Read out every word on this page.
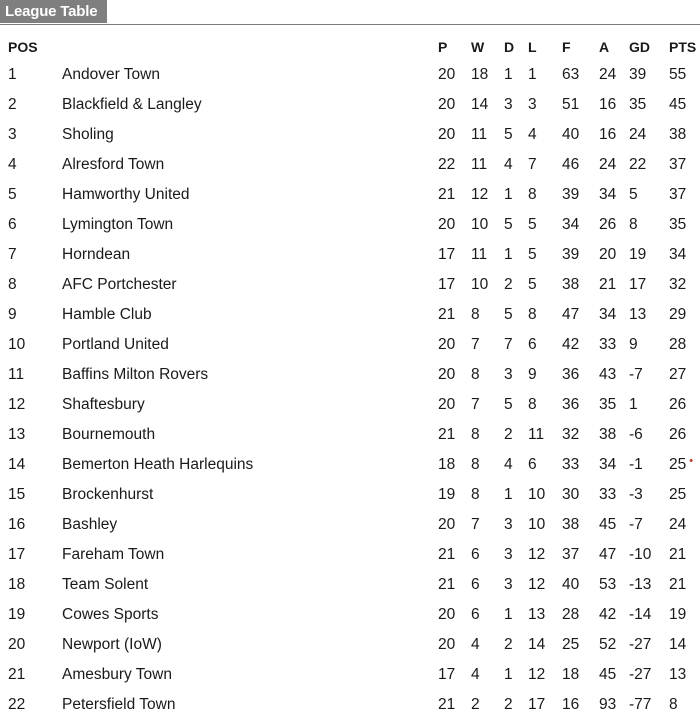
League Table
POS		P	W	D	L	F	A	GD	PTS
1	Andover Town	20	18	1	1	63	24	39	55
2	Blackfield & Langley	20	14	3	3	51	16	35	45
3	Sholing	20	11	5	4	40	16	24	38
4	Alresford Town	22	11	4	7	46	24	22	37
5	Hamworthy United	21	12	1	8	39	34	5	37
6	Lymington Town	20	10	5	5	34	26	8	35
7	Horndean	17	11	1	5	39	20	19	34
8	AFC Portchester	17	10	2	5	38	21	17	32
9	Hamble Club	21	8	5	8	47	34	13	29
10	Portland United	20	7	7	6	42	33	9	28
11	Baffins Milton Rovers	20	8	3	9	36	43	-7	27
12	Shaftesbury	20	7	5	8	36	35	1	26
13	Bournemouth	21	8	2	11	32	38	-6	26
14	Bemerton Heath Harlequins	18	8	4	6	33	34	-1	25 •
15	Brockenhurst	19	8	1	10	30	33	-3	25
16	Bashley	20	7	3	10	38	45	-7	24
17	Fareham Town	21	6	3	12	37	47	-10	21
18	Team Solent	21	6	3	12	40	53	-13	21
19	Cowes Sports	20	6	1	13	28	42	-14	19
20	Newport (IoW)	20	4	2	14	25	52	-27	14
21	Amesbury Town	17	4	1	12	18	45	-27	13
22	Petersfield Town	21	2	2	17	16	93	-77	8
